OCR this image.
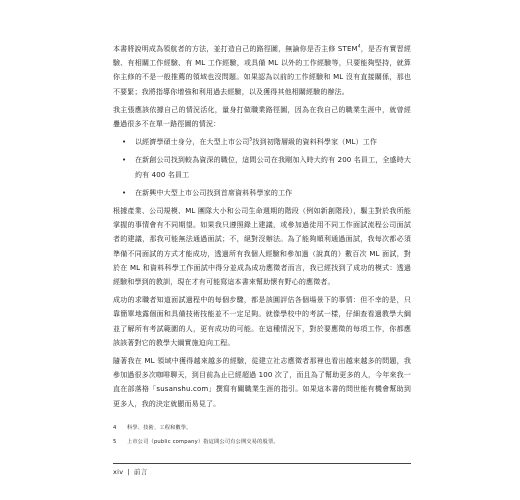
本書將說明成為領航者的方法，並打造自己的路徑圖，無論你是否主修 STEM$^4$，是否有實習經驗、有相關工作經驗、有 ML 工作經驗，或具備 ML 以外的工作經驗等，只要能夠堅持，就算你主修的不是一般推薦的領域也沒問題。如果認為以前的工作經驗和 ML 沒有直接關係，那也不要緊；我將指導你增強和利用過去經驗，以及獲得其他相關經驗的辦法。

我主張應該依據自己的情況活化，量身打做職業路徑圖，因為在我自己的職業生涯中，就曾經疊過很多不在單一路徑圖的情況：

• 以經濟學碩士身分，在大型上市公司$^5$找到初階層級的資料科學家（ML）工作
• 在新創公司找到較為資深的職位，這間公司在我剛加入時大約有 200 名員工，全盛時大約有 400 名員工
• 在新興中大型上市公司找到首席資料科學家的工作

根據產業、公司規模、ML 團隊大小和公司生命週期的階段（例如新創階段），驅主對於我所能掌握的事情會有不同期望。如果我只遵照錄上建議，或參加過徒用不同工作面試流程公司面試者的建議，那我可能無法通過面試；不，絕對沒辦法。為了能夠順利通過面試，我每次都必須準備不同面試的方式才能成功，透過所有我個人經驗和參加過（說真的）數百次 ML 面試，對於在 ML 和資料科學工作面試中得分並成為成功應徵者而言，我已經找到了成功的模式：透過經驗和學到的教訓，現在才有可能寫這本書來幫助懷有野心的應徵者。

成功的求職者知道面試過程中的每個步驟，都是該圓評估各個場景下的事情：但不幸的是，只靠簡單地露個面和具備技術技能並不一定足夠。就像學校中的考試一樣，仔細查看過教學大綱並了解所有考試範圍的人，更有成功的可能。在這種情況下，對於要應徵的每項工作，你都應該該著對它的教學大綱實施迫向工程。

隨著我在 ML 領域中獲得越來越多的經驗，從建立社志應徵者那裡也看出越來越多的問題，我參加過很多次咖啡聊天，到目前為止已經超過 100 次了，而且為了幫助更多的人，今年來我一直在部落格「susanshu.com」撰寫有關職業生涯的指引。如果這本書的問世能有機會幫助到更多人，我的決定就顯而易見了。

4 科學、技術、工程和數學。
5 上市公司（public company）指這間公司有公開交易的股票。
xiv | 前言
